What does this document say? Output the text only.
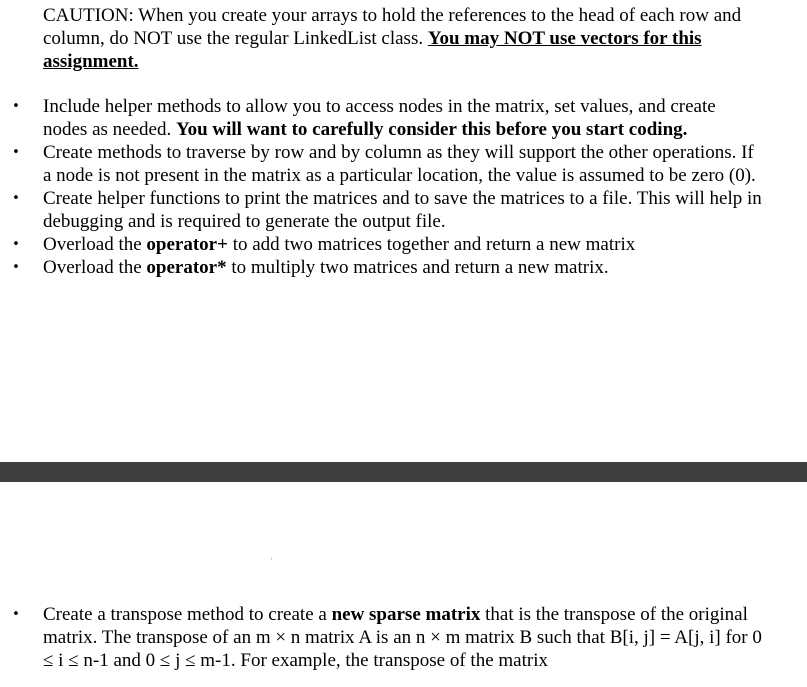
CAUTION: When you create your arrays to hold the references to the head of each row and column, do NOT use the regular LinkedList class. You may NOT use vectors for this assignment.

• Include helper methods to allow you to access nodes in the matrix, set values, and create nodes as needed. You will want to carefully consider this before you start coding.
• Create methods to traverse by row and by column as they will support the other operations. If a node is not present in the matrix as a particular location, the value is assumed to be zero (0).
• Create helper functions to print the matrices and to save the matrices to a file. This will help in debugging and is required to generate the output file.
• Overload the operator+ to add two matrices together and return a new matrix
• Overload the operator* to multiply two matrices and return a new matrix.
• Create a transpose method to create a new sparse matrix that is the transpose of the original matrix. The transpose of an m × n matrix A is an n × m matrix B such that B[i, j] = A[j, i] for 0 ≤ i ≤ n-1 and 0 ≤ j ≤ m-1. For example, the transpose of the matrix
